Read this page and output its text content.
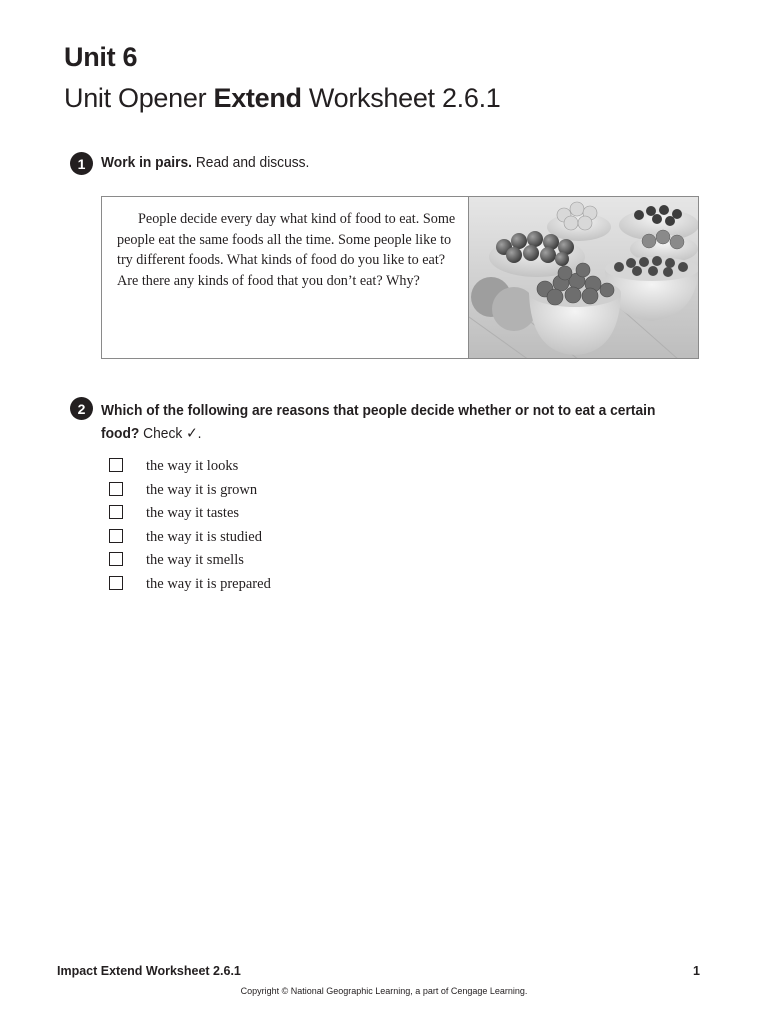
Unit 6
Unit Opener Extend Worksheet 2.6.1
1	Work in pairs. Read and discuss.

People decide every day what kind of food to eat. Some people eat the same foods all the time. Some people like to try different foods. What kinds of food do you like to eat? Are there any kinds of food that you don’t eat? Why?

2	Which of the following are reasons that people decide whether or not to eat a certain food? Check ✓.
the way it looks
the way it is grown
the way it tastes
the way it is studied
the way it smells
the way it is prepared
Impact Extend Worksheet 2.6.1	1
Copyright © National Geographic Learning, a part of Cengage Learning.
